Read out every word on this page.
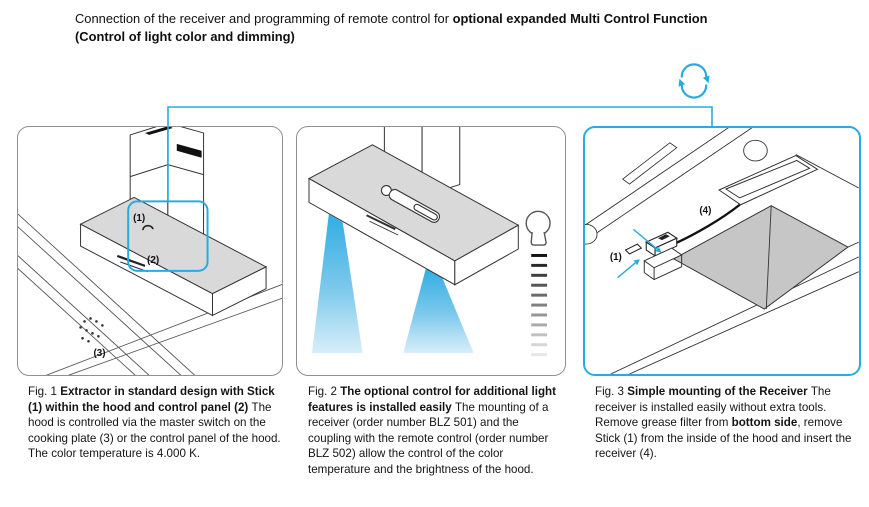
Connection of the receiver and programming of remote control for optional expanded Multi Control Function
(Control of light color and dimming)
(1)
(2)
(3)
(4)
(1)

Fig. 1 Extractor in standard design with Stick (1) within the hood and control panel (2) The hood is controlled via the master switch on the cooking plate (3) or the control panel of the hood. The color temperature is 4.000 K.

Fig. 2 The optional control for additional light features is installed easily The mounting of a receiver (order number BLZ 501) and the coupling with the remote control (order number BLZ 502) allow the control of the color temperature and the brightness of the hood.

Fig. 3 Simple mounting of the Receiver The receiver is installed easily without extra tools. Remove grease filter from bottom side, remove Stick (1) from the inside of the hood and insert the receiver (4).
